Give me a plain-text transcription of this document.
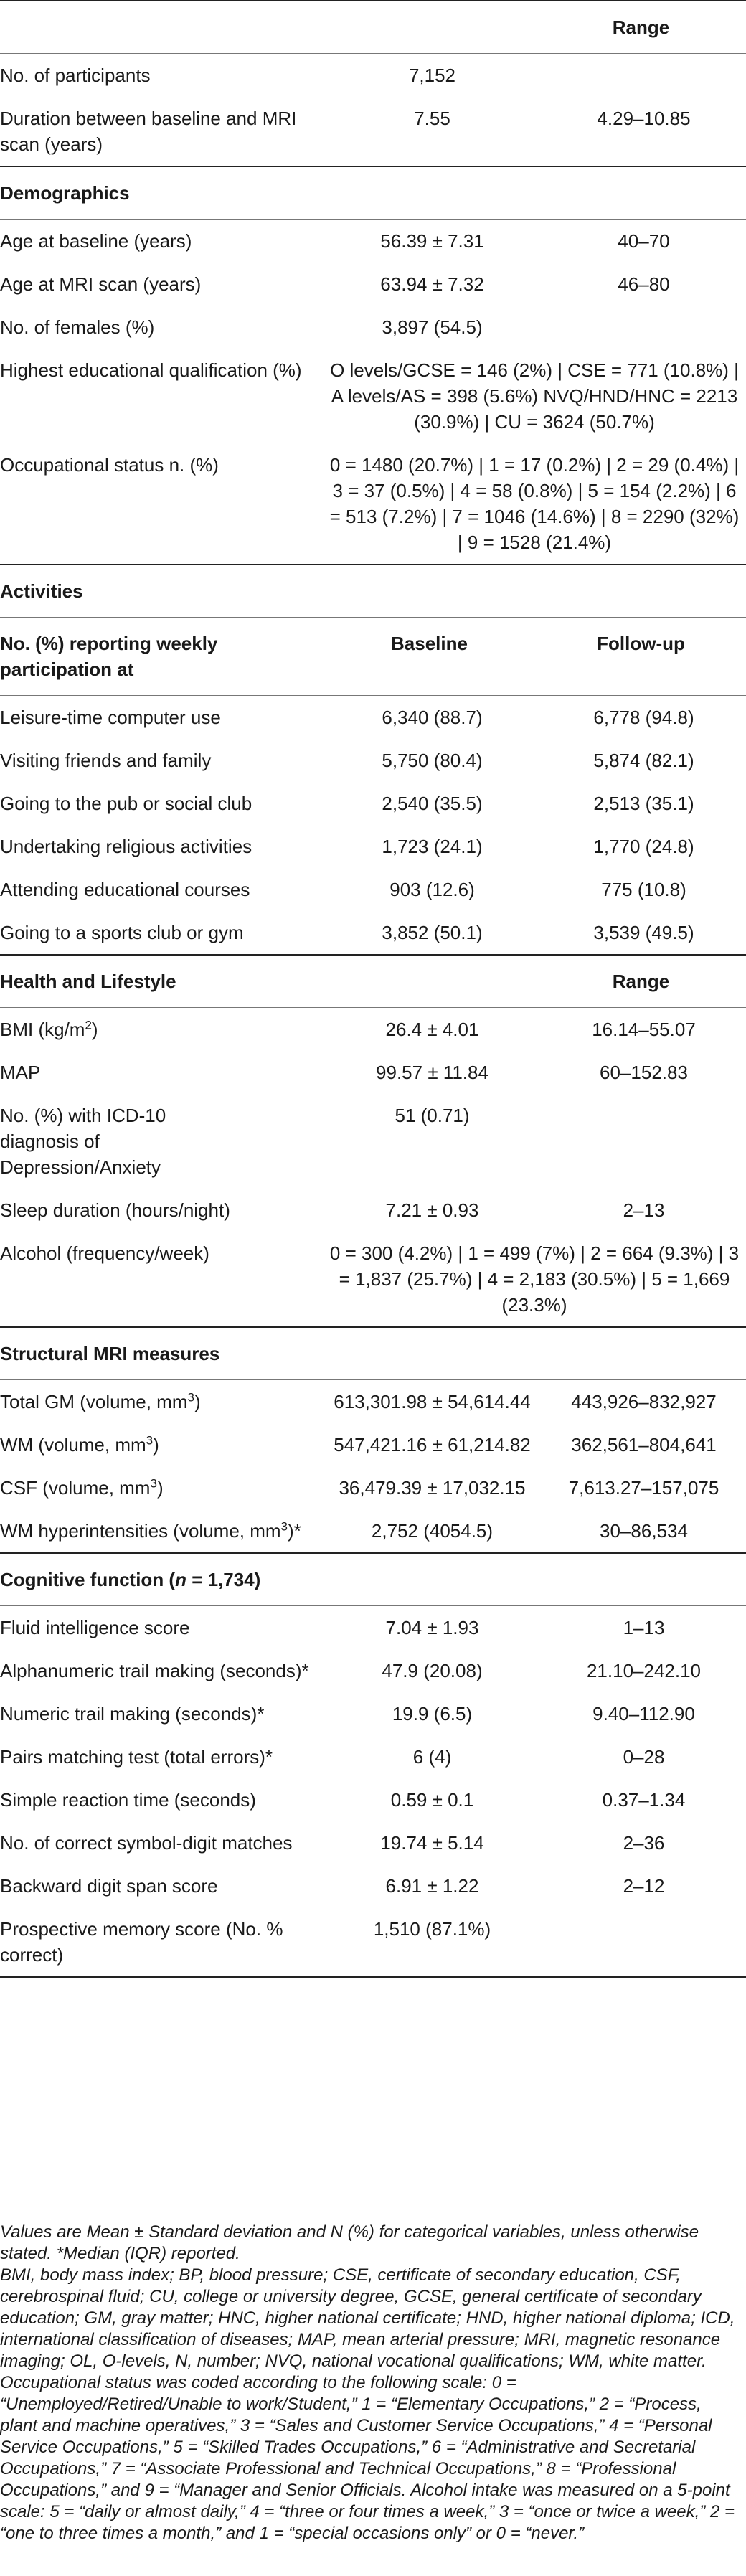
		Range
No. of participants	7,152	
Duration between baseline and MRI scan (years)	7.55	4.29–10.85
Demographics		
Age at baseline (years)	56.39 ± 7.31	40–70
Age at MRI scan (years)	63.94 ± 7.32	46–80
No. of females (%)	3,897 (54.5)	
Highest educational qualification (%)	O levels/GCSE = 146 (2%) | CSE = 771 (10.8%) | A levels/AS = 398 (5.6%) NVQ/HND/HNC = 2213 (30.9%) | CU = 3624 (50.7%)	
Occupational status n. (%)	0 = 1480 (20.7%) | 1 = 17 (0.2%) | 2 = 29 (0.4%) | 3 = 37 (0.5%) | 4 = 58 (0.8%) | 5 = 154 (2.2%) | 6 = 513 (7.2%) | 7 = 1046 (14.6%) | 8 = 2290 (32%) | 9 = 1528 (21.4%)	
Activities		
No. (%) reporting weekly participation at	Baseline	Follow-up
Leisure-time computer use	6,340 (88.7)	6,778 (94.8)
Visiting friends and family	5,750 (80.4)	5,874 (82.1)
Going to the pub or social club	2,540 (35.5)	2,513 (35.1)
Undertaking religious activities	1,723 (24.1)	1,770 (24.8)
Attending educational courses	903 (12.6)	775 (10.8)
Going to a sports club or gym	3,852 (50.1)	3,539 (49.5)
Health and Lifestyle		Range
BMI $(kg/m^2)$	26.4 ± 4.01	16.14–55.07
MAP	99.57 ± 11.84	60–152.83
No. (%) with ICD-10 diagnosis of Depression/Anxiety	51 (0.71)	
Sleep duration (hours/night)	7.21 ± 0.93	2–13
Alcohol (frequency/week)	0 = 300 (4.2%) | 1 = 499 (7%) | 2 = 664 (9.3%) | 3 = 1,837 (25.7%) | 4 = 2,183 (30.5%) | 5 = 1,669 (23.3%)	
Structural MRI measures		
Total GM (volume, $mm^3$)	613,301.98 ± 54,614.44	443,926–832,927
WM (volume, $mm^3$)	547,421.16 ± 61,214.82	362,561–804,641
CSF (volume, $mm^3$)	36,479.39 ± 17,032.15	7,613.27–157,075
WM hyperintensities (volume, $mm^3)*$	2,752 (4054.5)	30–86,534
Cognitive function (n = 1,734)		
Fluid intelligence score	7.04 ± 1.93	1–13
Alphanumeric trail making (seconds)*	47.9 (20.08)	21.10–242.10
Numeric trail making (seconds)*	19.9 (6.5)	9.40–112.90
Pairs matching test (total errors)*	6 (4)	0–28
Simple reaction time (seconds)	0.59 ± 0.1	0.37–1.34
No. of correct symbol-digit matches	19.74 ± 5.14	2–36
Backward digit span score	6.91 ± 1.22	2–12
Prospective memory score (No. % correct)	1,510 (87.1%)	

Values are Mean ± Standard deviation and N (%) for categorical variables, unless otherwise stated. *Median (IQR) reported.

BMI, body mass index; BP, blood pressure; CSE, certificate of secondary education, CSF, cerebrospinal fluid; CU, college or university degree, GCSE, general certificate of secondary education; GM, gray matter; HNC, higher national certificate; HND, higher national diploma; ICD, international classification of diseases; MAP, mean arterial pressure; MRI, magnetic resonance imaging; OL, O-levels, N, number; NVQ, national vocational qualifications; WM, white matter.

Occupational status was coded according to the following scale: 0 = “Unemployed/Retired/Unable to work/Student,” 1 = “Elementary Occupations,” 2 = “Process, plant and machine operatives,” 3 = “Sales and Customer Service Occupations,” 4 = “Personal Service Occupations,” 5 = “Skilled Trades Occupations,” 6 = “Administrative and Secretarial Occupations,” 7 = “Associate Professional and Technical Occupations,” 8 = “Professional Occupations,” and 9 = “Manager and Senior Officials. Alcohol intake was measured on a 5-point scale: 5 = “daily or almost daily,” 4 = “three or four times a week,” 3 = “once or twice a week,” 2 = “one to three times a month,” and 1 = “special occasions only” or 0 = “never.”
